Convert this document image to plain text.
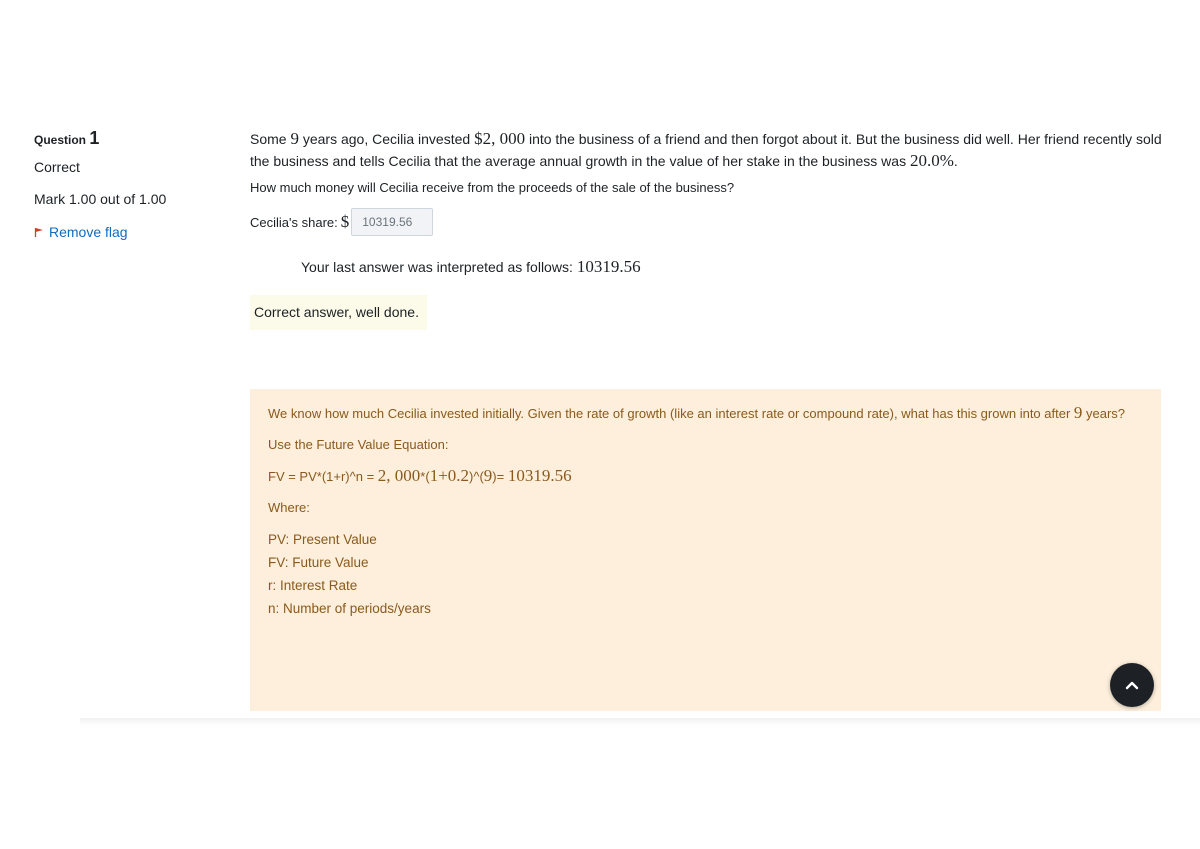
Question 1
Correct
Mark 1.00 out of 1.00
Remove flag

Some 9 years ago, Cecilia invested $2, 000 into the business of a friend and then forgot about it. But the business did well. Her friend recently sold the business and tells Cecilia that the average annual growth in the value of her stake in the business was 20.0%.

How much money will Cecilia receive from the proceeds of the sale of the business?

Cecilia's share: $
10319.56
Your last answer was interpreted as follows: 10319.56
Correct answer, well done.

We know how much Cecilia invested initially. Given the rate of growth (like an interest rate or compound rate), what has this grown into after 9 years?

Use the Future Value Equation:

FV = PV*(1+r)^n = 2, 000*(1+0.2)^(9)= 10319.56

Where:

PV: Present Value
FV: Future Value
r: Interest Rate
n: Number of periods/years
